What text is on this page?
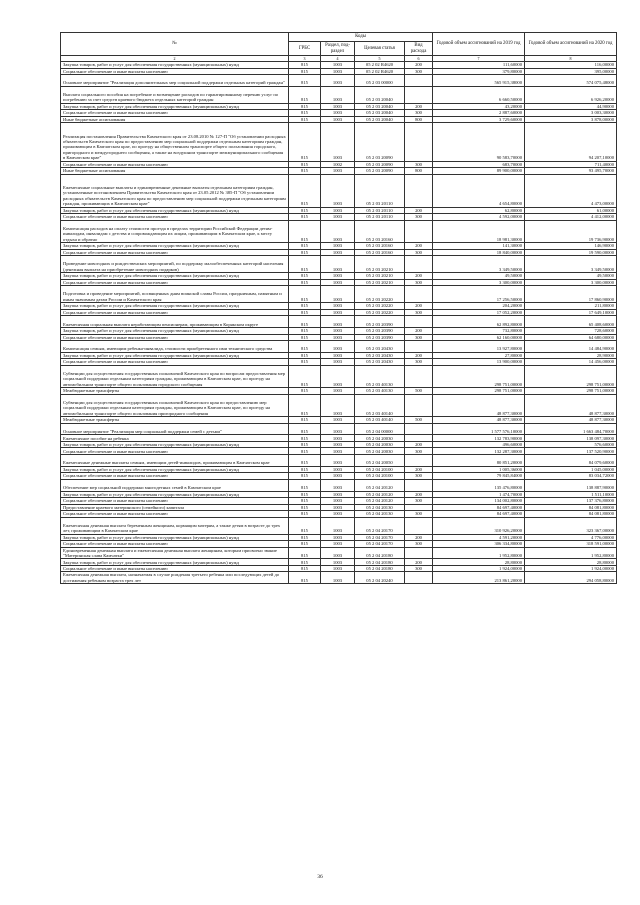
№	Коды				Годовой объем ассигнований на 2019 год	Годовой объем ассигнований на 2020 год
	ГРБС	Раздел, под-раздел	Целевая статья	Вид расхода		
2	3	4	5	6	7	8
Закупка товаров, работ и услуг для обеспечения государственных (муниципальных) нужд	815	1003	05 2 02 R4620	200	111,60000	116,00000
Социальное обеспечение и иные выплаты населению	815	1003	05 2 02 R4620	300	379,80000	395,00000
Основное мероприятие "Реализация дополнительных мер социальной поддержки отдельных категорий граждан"	815	1003	05 2 03 00000		565 915,38000	574 075,48000
Выплата социального пособия на погребение и возмещение расходов по гарантированному перечню услуг по погребению за счет средств краевого бюджета отдельных категорий граждан	815	1003	05 2 03 20040		6 660,50000	6 926,20000
Закупка товаров, работ и услуг для обеспечения государственных (муниципальных) нужд	815	1003	05 2 03 20040	200	43,20000	44,90000
Социальное обеспечение и иные выплаты населению	815	1003	05 2 03 20040	300	2 887,60000	3 003,30000
Иные бюджетные ассигнования	815	1003	05 2 03 20040	800	3 729,60000	3 878,00000
Реализация постановления Правительства Камчатского края от 23.08.2010 № 127-П "Об установлении расходных обязательств Камчатского края по предоставлению мер социальной поддержки отдельным категориям граждан, проживающим в Камчатском крае, по проезду на общественном транспорте общего пользования городского, пригородного и междугороднего сообщения, а также на воздушном транспорте межмуниципального сообщения в Камчатском крае"	815	1003	05 2 03 20090		90 583,70000	94 207,10000
Социальное обеспечение и иные выплаты населению	815	1002	05 2 03 20090	300	683,70000	711,40000
Иные бюджетные ассигнования	815	1003	05 2 03 20090	800	89 900,00000	93 495,70000
Ежемесячные социальные выплаты и единовременные денежные выплаты отдельным категориям граждан, установленные постановлением Правительства Камчатского края от 23.05.2012 № 385-П "Об установлении расходных обязательств Камчатского края по предоставлению мер социальной поддержки отдельным категориям граждан, проживающих в Камчатском крае"	815	1003	05 2 03 20110		4 654,80000	4 473,00000
Закупка товаров, работ и услуг для обеспечения государственных (муниципальных) нужд	815	1003	05 2 03 20110	200	62,80000	61,00000
Социальное обеспечение и иные выплаты населению	815	1003	05 2 03 20110	300	4 592,00000	4 412,00000
Компенсация расходов на оплату стоимости проезда в пределах территории Российской Федерации детям-инвалидам, инвалидам с детства и сопровождающим их лицам, проживающим в Камчатском крае, к месту отдыха и обратно	815	1003	05 2 03 20160		18 981,30000	19 736,90000
Закупка товаров, работ и услуг для обеспечения государственных (муниципальных) нужд	815	1003	05 2 03 20160	200	141,30000	146,90000
Социальное обеспечение и иные выплаты населению	815	1003	05 2 03 20160	300	18 840,00000	19 590,00000
Проведение новогодних и рождественских мероприятий, по поддержку малообеспеченных категорий населения (денежная выплата на приобретение новогодних подарков)	815	1003	05 2 03 20210		3 349,50000	3 349,50000
Закупка товаров, работ и услуг для обеспечения государственных (муниципальных) нужд	815	1003	05 2 03 20210	200	49,50000	49,50000
Социальное обеспечение и иные выплаты населению	815	1003	05 2 03 20210	300	3 300,00000	3 300,00000
Подготовка и проведение мероприятий, посвященных дням воинской славы России, праздничным, памятным и иным значимым датам России и Камчатского края	815	1003	05 2 03 20220		17 256,50000	17 860,90000
Закупка товаров, работ и услуг для обеспечения государственных (муниципальных) нужд	815	1003	05 2 03 20220	200	204,20000	211,80000
Социальное обеспечение и иные выплаты населению	815	1003	05 2 03 20220	300	17 052,20000	17 649,10000
Ежемесячная социальная выплата неработающим пенсионерам, проживающим в Корякском округе	815	1003	05 2 03 20390		62 892,80000	65 408,60000
Закупка товаров, работ и услуг для обеспечения государственных (муниципальных) нужд	815	1003	05 2 03 20390	200	732,80000	728,60000
Социальное обеспечение и иные выплаты населению	815	1003	05 2 03 20390	300	62 160,00000	64 680,00000
Компенсация семьям, имеющим ребенка-инвалида, стоимости приобретенного ими технического средства	815	1003	05 2 03 20430		13 927,80000	14 484,90000
Закупка товаров, работ и услуг для обеспечения государственных (муниципальных) нужд	815	1003	05 2 03 20430	200	27,80000	28,90000
Социальное обеспечение и иные выплаты населению	815	1003	05 2 03 20430	300	13 900,00000	14 456,00000
Субвенции для осуществления государственных полномочий Камчатского края по вопросам предоставления мер социальной поддержки отдельным категориям граждан, проживающим в Камчатском крае, по проезду на автомобильном транспорте общего пользования городского сообщения	815	1003	05 2 03 40130		298 751,00000	298 751,00000
Межбюджетные трансферты	815	1003	05 2 03 40130	500	298 751,00000	298 751,00000
Субвенции для осуществления государственных полномочий Камчатского края по предоставлению мер социальной поддержки отдельным категориям граждан, проживающим в Камчатском крае, по проезду на автомобильном транспорте общего пользования пригородного сообщения	815	1003	05 2 03 40140		48 877,30000	48 877,30000
Межбюджетные трансферты	815	1003	05 2 03 40140	500	48 877,30000	48 877,30000
Основное мероприятие "Реализация мер социальной поддержки семей с детьми"	815	1003	05 2 04 00000		1 577 576,10000	1 663 484,70000
Ежемесячное пособие на ребенка	815	1003	05 2 04 20030		132 783,90000	138 097,30000
Закупка товаров, работ и услуг для обеспечения государственных (муниципальных) нужд	815	1003	05 2 04 20030	200	496,60000	576,60000
Социальное обеспечение и иные выплаты населению	815	1003	05 2 04 20030	300	132 287,30000	137 520,90000
Ежемесячные денежные выплаты семьям, имеющим детей-инвалидов, проживающим в Камчатском крае	815	1003	05 2 04 20050		80 851,20000	84 079,60000
Закупка товаров, работ и услуг для обеспечения государственных (муниципальных) нужд	815	1003	05 2 04 20100	200	1 005,36000	1 045,00000
Социальное обеспечение и иные выплаты населению	815	1003	05 2 04 20100	300	79 845,84000	83 034,72000
Обеспечение мер социальной поддержки многодетных семей в Камчатском крае	815	1003	05 2 04 20120		135 476,80000	138 887,90000
Закупка товаров, работ и услуг для обеспечения государственных (муниципальных) нужд	815	1003	05 2 04 20120	200	1 474,70000	1 511,10000
Социальное обеспечение и иные выплаты населению	815	1003	05 2 04 20120	300	134 002,80000	137 376,80000
Предоставление краевого материнского (семейного) капитала	815	1003	05 2 04 20130		84 697,40000	84 081,80000
Социальное обеспечение и иные выплаты населению	815	1003	05 2 04 20130	300	84 697,40000	84 081,80000
Ежемесячная денежная выплата беременным женщинам, кормящим матерям, а также детям в возрасте до трех лет, проживающим в Камчатском крае	815	1003	05 2 04 20170		310 926,20000	323 367,00000
Закупка товаров, работ и услуг для обеспечения государственных (муниципальных) нужд	815	1003	05 2 04 20170	200	4 591,20000	4 776,00000
Социальное обеспечение и иные выплаты населению	815	1003	05 2 04 20170	300	306 334,80000	318 591,00000
Единовременная денежная выплата и ежемесячная денежная выплата женщинам, которым присвоено звание "Материнская слава Камчатки"	815	1003	05 2 04 20180		1 952,80000	1 952,80000
Закупка товаров, работ и услуг для обеспечения государственных (муниципальных) нужд	815	1003	05 2 04 20180	200	28,80000	28,80000
Социальное обеспечение и иные выплаты населению	815	1003	05 2 04 20180	300	1 924,00000	1 924,00000
Ежемесячная денежная выплата, назначаемая в случае рождения третьего ребенка или последующих детей до достижения ребенком возраста трех лет	815	1003	05 2 04 20240		213 861,20000	294 058,80000
36
